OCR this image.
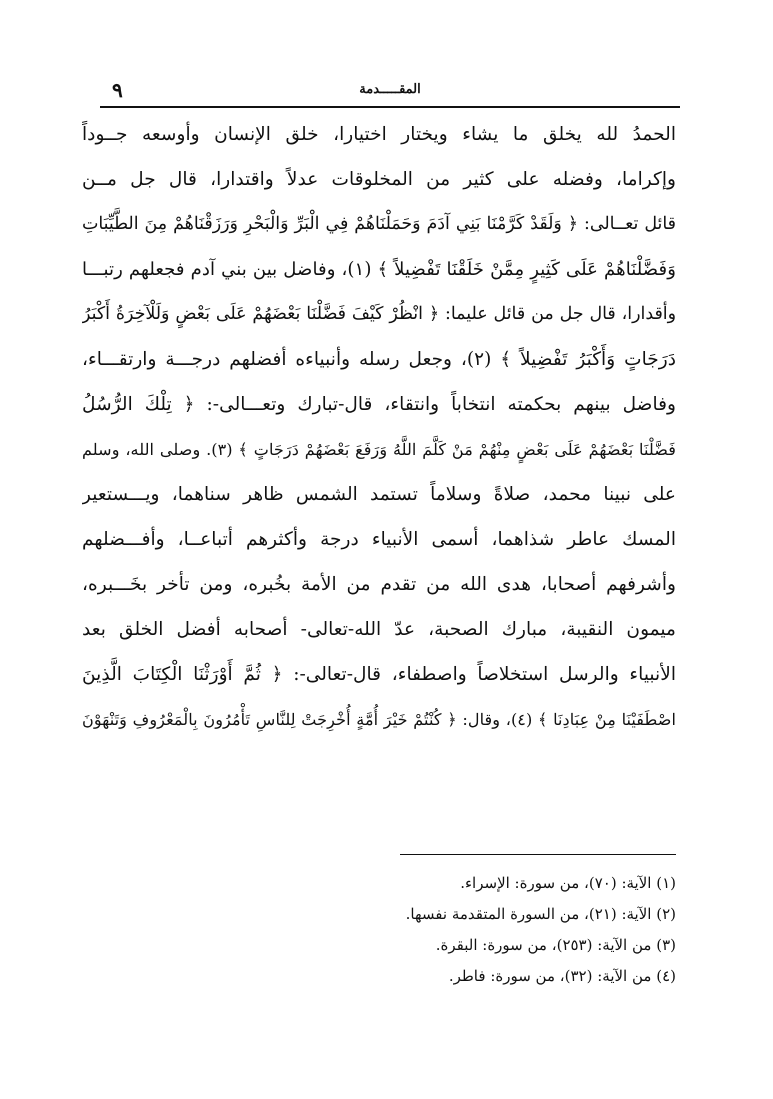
٩	المقـــــدمة
الحمدُ لله يخلق ما يشاء ويختار اختيارا، خلق الإنسان وأوسعه جــوداً
وإكراما، وفضله على كثير من المخلوقات عدلاً واقتدارا، قال جل مــن
قائل تعــالى: ﴿ وَلَقَدْ كَرَّمْنَا بَنِي آدَمَ وَحَمَلْنَاهُمْ فِي الْبَرِّ وَالْبَحْرِ وَرَزَقْنَاهُمْ مِنَ الطَّيِّبَاتِ
وَفَضَّلْنَاهُمْ عَلَى كَثِيرٍ مِمَّنْ خَلَقْنَا تَفْضِيلاً ﴾ (١)، وفاضل بين بني آدم فجعلهم رتبـــا
وأقدارا، قال جل من قائل عليما: ﴿ انْظُرْ كَيْفَ فَضَّلْنَا بَعْضَهُمْ عَلَى بَعْضٍ وَلَلْآخِرَةُ أَكْبَرُ
دَرَجَاتٍ وَأَكْبَرُ تَفْضِيلاً ﴾ (٢)، وجعل رسله وأنبياءه أفضلهم درجـــة وارتقـــاء،
وفاضل بينهم بحكمته انتخاباً وانتقاء، قال-تبارك وتعـــالى-: ﴿ تِلْكَ الرُّسُلُ
فَضَّلْنَا بَعْضَهُمْ عَلَى بَعْضٍ مِنْهُمْ مَنْ كَلَّمَ اللَّهُ وَرَفَعَ بَعْضَهُمْ دَرَجَاتٍ ﴾ (٣). وصلى الله، وسلم
على نبينا محمد، صلاةً وسلاماً تستمد الشمس ظاهر سناهما، ويـــستعير
المسك عاطر شذاهما، أسمى الأنبياء درجة وأكثرهم أتباعــا، وأفـــضلهم
وأشرفهم أصحابا، هدى الله من تقدم من الأمة بخُبره، ومن تأخر بخَـــبره،
ميمون النقيبة، مبارك الصحبة، عدّ الله-تعالى- أصحابه أفضل الخلق بعد
الأنبياء والرسل استخلاصاً واصطفاء، قال-تعالى-: ﴿ ثُمَّ أَوْرَثْنَا الْكِتَابَ الَّذِينَ
اصْطَفَيْنَا مِنْ عِبَادِنَا ﴾ (٤)، وقال: ﴿ كُنْتُمْ خَيْرَ أُمَّةٍ أُخْرِجَتْ لِلنَّاسِ تَأْمُرُونَ بِالْمَعْرُوفِ وَتَنْهَوْنَ
(١) الآية: (٧٠)، من سورة: الإسراء.
(٢) الآية: (٢١)، من السورة المتقدمة نفسها.
(٣) من الآية: (٢٥٣)، من سورة: البقرة.
(٤) من الآية: (٣٢)، من سورة: فاطر.
